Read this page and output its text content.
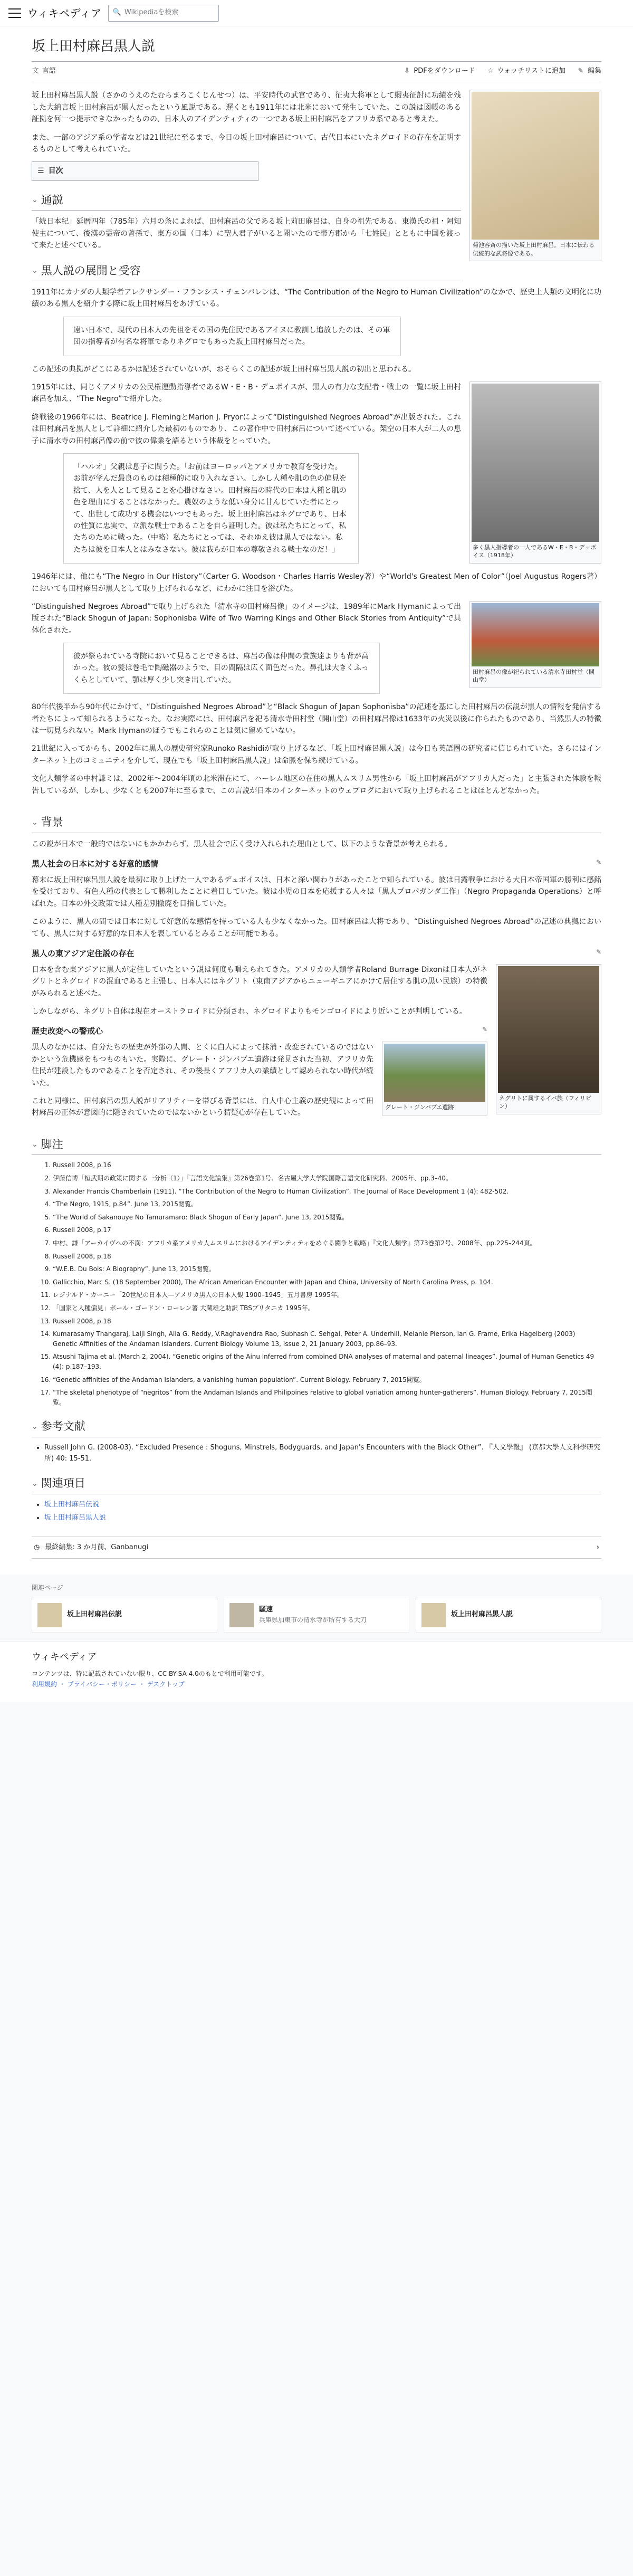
ウィキペディア 🔍 Wikipediaを検索
坂上田村麻呂黒人説
文 言語	⇩ PDFをダウンロード ☆ ウォッチリストに追加 ✎ 編集
菊池容斎の描いた坂上田村麻呂。日本に伝わる伝統的な武将像である。

坂上田村麻呂黒人説（さかのうえのたむらまろこくじんせつ）は、平安時代の武官であり、征夷大将軍として蝦夷征討に功績を残した大納言坂上田村麻呂が黒人だったという風説である。遅くとも1911年には北米において発生していた。この説は図帳のある証拠を何一つ提示できなかったものの、日本人のアイデンティティの一つである坂上田村麻呂をアフリカ系であると考えた。

また、一部のアジア系の学者などは21世紀に至るまで、今日の坂上田村麻呂について、古代日本にいたネグロイドの存在を証明するものとして考えられていた。

☰ 目次
⌄ 通説

「続日本紀」延暦四年（785年）六月の条によれば、田村麻呂の父である坂上苅田麻呂は、自身の祖先である、東漢氏の祖・阿知使主について、後漢の霊帝の曾孫で、東方の国（日本）に聖人君子がいると聞いたので帯方郡から「七姓民」とともに中国を渡って来たと述べている。

⌄ 黒人説の展開と受容

1911年にカナダの人類学者アレクサンダー・フランシス・チェンバレンは、“The Contribution of the Negro to Human Civilization”のなかで、歴史上人類の文明化に功績のある黒人を紹介する際に坂上田村麻呂をあげている。

遠い日本で、現代の日本人の先祖をその国の先住民であるアイヌに教訓し追放したのは、その軍団の指導者が有名な将軍でありネグロでもあった坂上田村麻呂だった。

この記述の典拠がどこにあるかは記述されていないが、おそらくこの記述が坂上田村麻呂黒人説の初出と思われる。

多く黒人指導者の一人であるW・E・B・デュボイス（1918年）

1915年には、同じくアメリカの公民権運動指導者であるW・E・B・デュボイスが、黒人の有力な支配者・戦士の一覧に坂上田村麻呂を加え、“The Negro”で紹介した。

終戦後の1966年には、Beatrice J. FlemingとMarion J. Pryorによって“Distinguished Negroes Abroad”が出版された。これは田村麻呂を黒人として詳細に紹介した最初のものであり、この著作中で田村麻呂について述べている。架空の日本人が二人の息子に清水寺の田村麻呂像の前で彼の偉業を語るという体裁をとっていた。

「ハルオ」父親は息子に問うた。「お前はヨーロッパとアメリカで教育を受けた。お前が学んだ最良のものは積極的に取り入れなさい。しかし人種や肌の色の偏見を捨て、人を人として見ることを心掛けなさい。田村麻呂の時代の日本は人種と肌の色を理由にすることはなかった。農奴のような低い身分に甘んじていた者にとって、出世して成功する機会はいつでもあった。坂上田村麻呂はネグロであり、日本の性質に忠実で、立派な戦士であることを自ら証明した。彼は私たちにとって、私たちのために戦った。（中略）私たちにとっては、それゆえ彼は黒人ではない。私たちは彼を日本人とはみなさない。彼は我らが日本の尊敬される戦士なのだ！」

1946年には、他にも“The Negro in Our History”（Carter G. Woodson・Charles Harris Wesley著）や“World's Greatest Men of Color”（Joel Augustus Rogers著）においても田村麻呂が黒人として取り上げられるなど、にわかに注目を浴びた。

田村麻呂の像が祀られている清水寺田村堂（開山堂）

“Distinguished Negroes Abroad”で取り上げられた「清水寺の田村麻呂像」のイメージは、1989年にMark Hymanによって出版された“Black Shogun of Japan: Sophonisba Wife of Two Warring Kings and Other Black Stories from Antiquity”で具体化された。

彼が祭られている寺院において見ることできるは、麻呂の像は仲間の貴族達よりも背が高かった。彼の髪は巻毛で陶磁器のようで、目の間隔は広く面色だった。鼻孔は大きくふっくらとしていて、顎は厚く少し突き出していた。

80年代後半から90年代にかけて、“Distinguished Negroes Abroad”と“Black Shogun of Japan Sophonisba”の記述を基にした田村麻呂の伝説が黒人の情報を発信する者たちによって知られるようになった。なお実際には、田村麻呂を祀る清水寺田村堂（開山堂）の田村麻呂像は1633年の火災以後に作られたものであり、当然黒人の特徴は一切見られない。Mark Hymanのほうでもこれらのことは気に留めていない。

21世紀に入ってからも、2002年に黒人の歴史研究家Runoko Rashidiが取り上げるなど、「坂上田村麻呂黒人説」は今日も英語圏の研究者に信じられていた。さらにはインターネット上のコミュニティを介して、現在でも「坂上田村麻呂黒人説」は命脈を保ち続けている。

文化人類学者の中村謙ミは、2002年〜2004年頃の北米滞在にて、ハーレム地区の在住の黒人ムスリム男性から「坂上田村麻呂がアフリカ人だった」と主張された体験を報告しているが、しかし、少なくとも2007年に至るまで、この言説が日本のインターネットのウェブログにおいて取り上げられることはほとんどなかった。

⌄ 背景

この説が日本で一般的ではないにもかかわらず、黒人社会で広く受け入れられた理由として、以下のような背景が考えられる。

黒人社会の日本に対する好意的感情	✎

幕末に坂上田村麻呂黒人説を最初に取り上げた一人であるデュボイスは、日本と深い関わりがあったことで知られている。彼は日露戦争における大日本帝国軍の勝利に感銘を受けており、有色人種の代表として勝利したことに着目していた。彼は小児の日本を応援する人々は「黒人プロパガンダ工作」（Negro Propaganda Operations）と呼ばれた。日本の外交政策では人種差別撤廃を目指していた。

このように、黒人の間では日本に対して好意的な感情を持っている人も少なくなかった。田村麻呂は大将であり、“Distinguished Negroes Abroad”の記述の典拠においても、黒人に対する好意的な日本人を表しているとみることが可能である。

黒人の東アジア定住説の存在	✎
ネグリトに属するイバ族（フィリピン）

日本を含む東アジアに黒人が定住していたという説は何度も唱えられてきた。アメリカの人類学者Roland Burrage Dixonは日本人がネグリトとネグロイドの混血であると主張し、日本人にはネグリト（東南アジアからニューギニアにかけて居住する肌の黒い民族）の特徴がみられると述べた。

しかしながら、ネグリト自体は現在オーストラロイドに分類され、ネグロイドよりもモンゴロイドにより近いことが判明している。

歴史改変への警戒心	✎
グレート・ジンバブエ遺跡

黒人のなかには、自分たちの歴史が外部の人間、とくに白人によって抹消・改変されているのではないかという危機感をもつものもいた。実際に、グレート・ジンバブエ遺跡は発見された当初、アフリカ先住民が建設したものであることを否定され、その後長くアフリカ人の業績として認められない時代が続いた。

これと同様に、田村麻呂の黒人説がリアリティーを帯びる背景には、白人中心主義の歴史観によって田村麻呂の正体が意図的に隠されていたのではないかという猜疑心が存在していた。

⌄ 脚注
1. Russell 2008, p.16
2. 伊藤信博「桓武期の政策に関する一分析（1）」『言語文化論集』第26巻第1号、名古屋大学大学院国際言語文化研究科、2005年、pp.3–40。
3. Alexander Francis Chamberlain (1911). “The Contribution of the Negro to Human Civilization”. The Journal of Race Development 1 (4): 482-502.
4. “The Negro, 1915, p.84”. June 13, 2015閲覧。
5. “The World of Sakanouye No Tamuramaro: Black Shogun of Early Japan”. June 13, 2015閲覧。
6. Russell 2008, p.17
7. 中村、謙「アーカイヴへの不満：アフリカ系アメリカ人ムスリムにおけるアイデンティティをめぐる闘争と戦略」『文化人類学』第73巻第2号、2008年、pp.225–244頁。
8. Russell 2008, p.18
9. “W.E.B. Du Bois: A Biography”. June 13, 2015閲覧。
10. Gallicchio, Marc S. (18 September 2000), The African American Encounter with Japan and China, University of North Carolina Press, p. 104.
11. レジナルド・カーニー「20世紀の日本人—アメリカ黒人の日本人観 1900–1945」五月書房 1995年。
12. 「国家と人種偏見」ポール・ゴードン・ローレン著 大蔵雄之助訳 TBSブリタニカ 1995年。
13. Russell 2008, p.18
14. Kumarasamy Thangaraj, Lalji Singh, Alla G. Reddy, V.Raghavendra Rao, Subhash C. Sehgal, Peter A. Underhill, Melanie Pierson, Ian G. Frame, Erika Hagelberg (2003) Genetic Affinities of the Andaman Islanders. Current Biology Volume 13, Issue 2, 21 January 2003, pp.86–93.
15. Atsushi Tajima et al. (March 2, 2004). “Genetic origins of the Ainu inferred from combined DNA analyses of maternal and paternal lineages”. Journal of Human Genetics 49 (4): p.187–193.
16. “Genetic affinities of the Andaman Islanders, a vanishing human population”. Current Biology. February 7, 2015閲覧。
17. “The skeletal phenotype of “negritos” from the Andaman Islands and Philippines relative to global variation among hunter-gatherers”. Human Biology. February 7, 2015閲覧。
⌄ 参考文献
• Russell John G. (2008-03). “Excluded Presence : Shoguns, Minstrels, Bodyguards, and Japan's Encounters with the Black Other”. 『人文學報』 (京都大學人文科學研究所) 40: 15-51.
⌄ 関連項目
• 坂上田村麻呂伝説
• 坂上田村麻呂黒人説
◷ 最終編集: 3 か月前、Ganbanugi	›
関連ページ
坂上田村麻呂伝説
騒速
兵庫県加東市の清水寺が所有する大刀
坂上田村麻呂黒人説
ウィキペディア
コンテンツは、特に記載されていない限り、CC BY-SA 4.0のもとで利用可能です。
利用規約 ・ プライバシー・ポリシー ・ デスクトップ
